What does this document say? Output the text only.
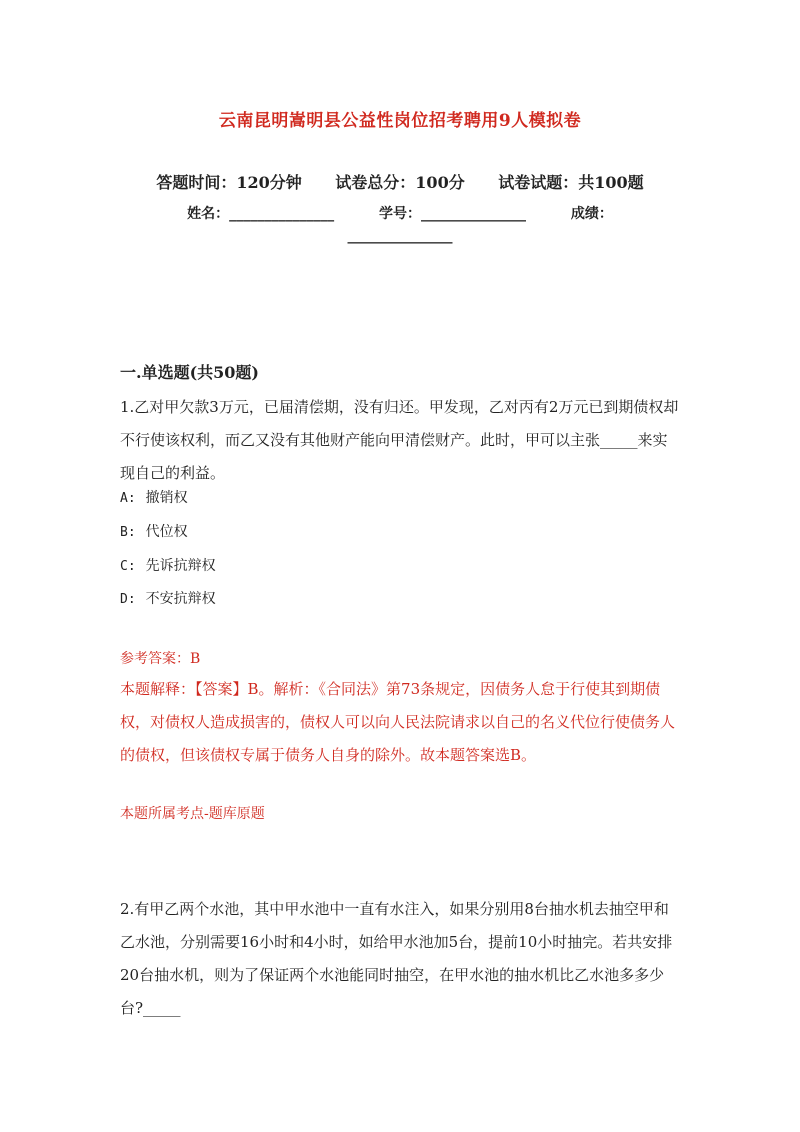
云南昆明嵩明县公益性岗位招考聘用9人模拟卷
答题时间：120分钟 试卷总分：100分 试卷试题：共100题
姓名：_______________	学号：_______________	成绩：
_______________
一.单选题(共50题)
1.乙对甲欠款3万元，已届清偿期，没有归还。甲发现，乙对丙有2万元已到期债权却不行使该权利，而乙又没有其他财产能向甲清偿财产。此时，甲可以主张_____来实现自己的利益。
A: 撤销权
B: 代位权
C: 先诉抗辩权
D: 不安抗辩权
参考答案：B
本题解释：【答案】B。解析：《合同法》第73条规定，因债务人怠于行使其到期债权，对债权人造成损害的，债权人可以向人民法院请求以自己的名义代位行使债务人的债权，但该债权专属于债务人自身的除外。故本题答案选B。
本题所属考点-题库原题
2.有甲乙两个水池，其中甲水池中一直有水注入，如果分别用8台抽水机去抽空甲和乙水池，分别需要16小时和4小时，如给甲水池加5台，提前10小时抽完。若共安排20台抽水机，则为了保证两个水池能同时抽空，在甲水池的抽水机比乙水池多多少台?_____
